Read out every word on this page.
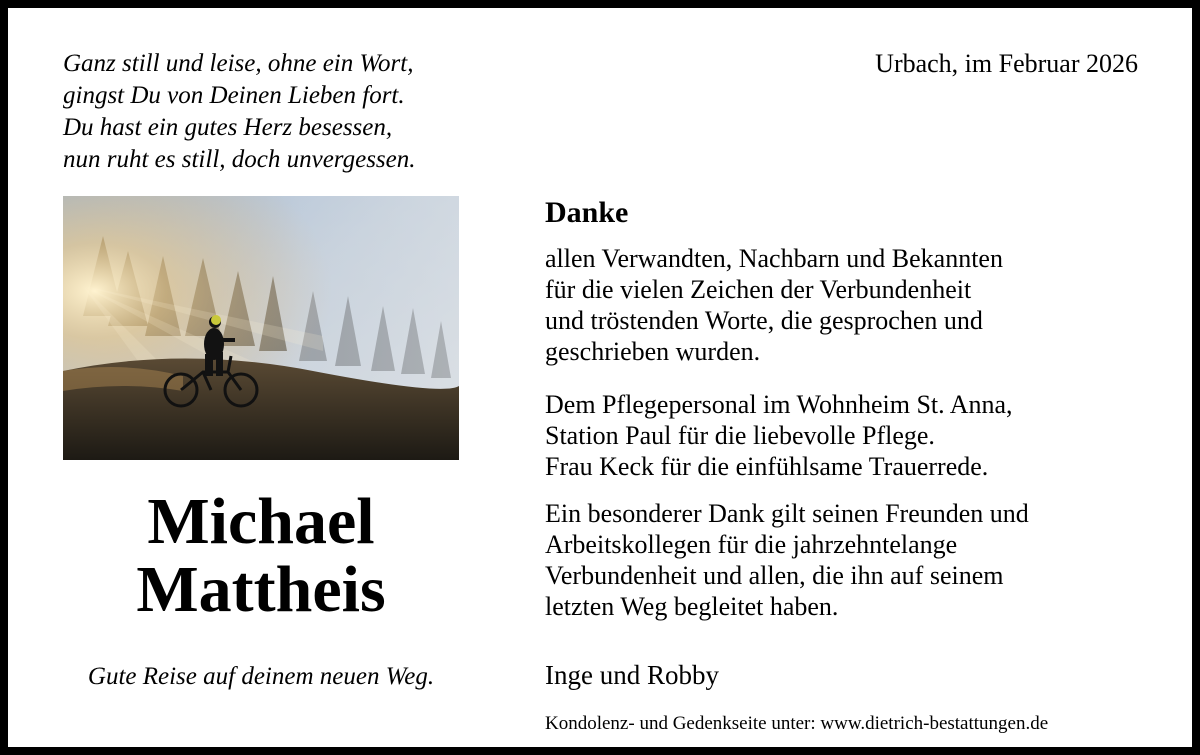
Ganz still und leise, ohne ein Wort,
gingst Du von Deinen Lieben fort.
Du hast ein gutes Herz besessen,
nun ruht es still, doch unvergessen.
Urbach, im Februar 2026
Michael
Mattheis
Gute Reise auf deinem neuen Weg.
Danke
allen Verwandten, Nachbarn und Bekannten
für die vielen Zeichen der Verbundenheit
und tröstenden Worte, die gesprochen und
geschrieben wurden.
Dem Pflegepersonal im Wohnheim St. Anna,
Station Paul für die liebevolle Pflege.
Frau Keck für die einfühlsame Trauerrede.
Ein besonderer Dank gilt seinen Freunden und
Arbeitskollegen für die jahrzehntelange
Verbundenheit und allen, die ihn auf seinem
letzten Weg begleitet haben.
Inge und Robby
Kondolenz- und Gedenkseite unter: www.dietrich-bestattungen.de
